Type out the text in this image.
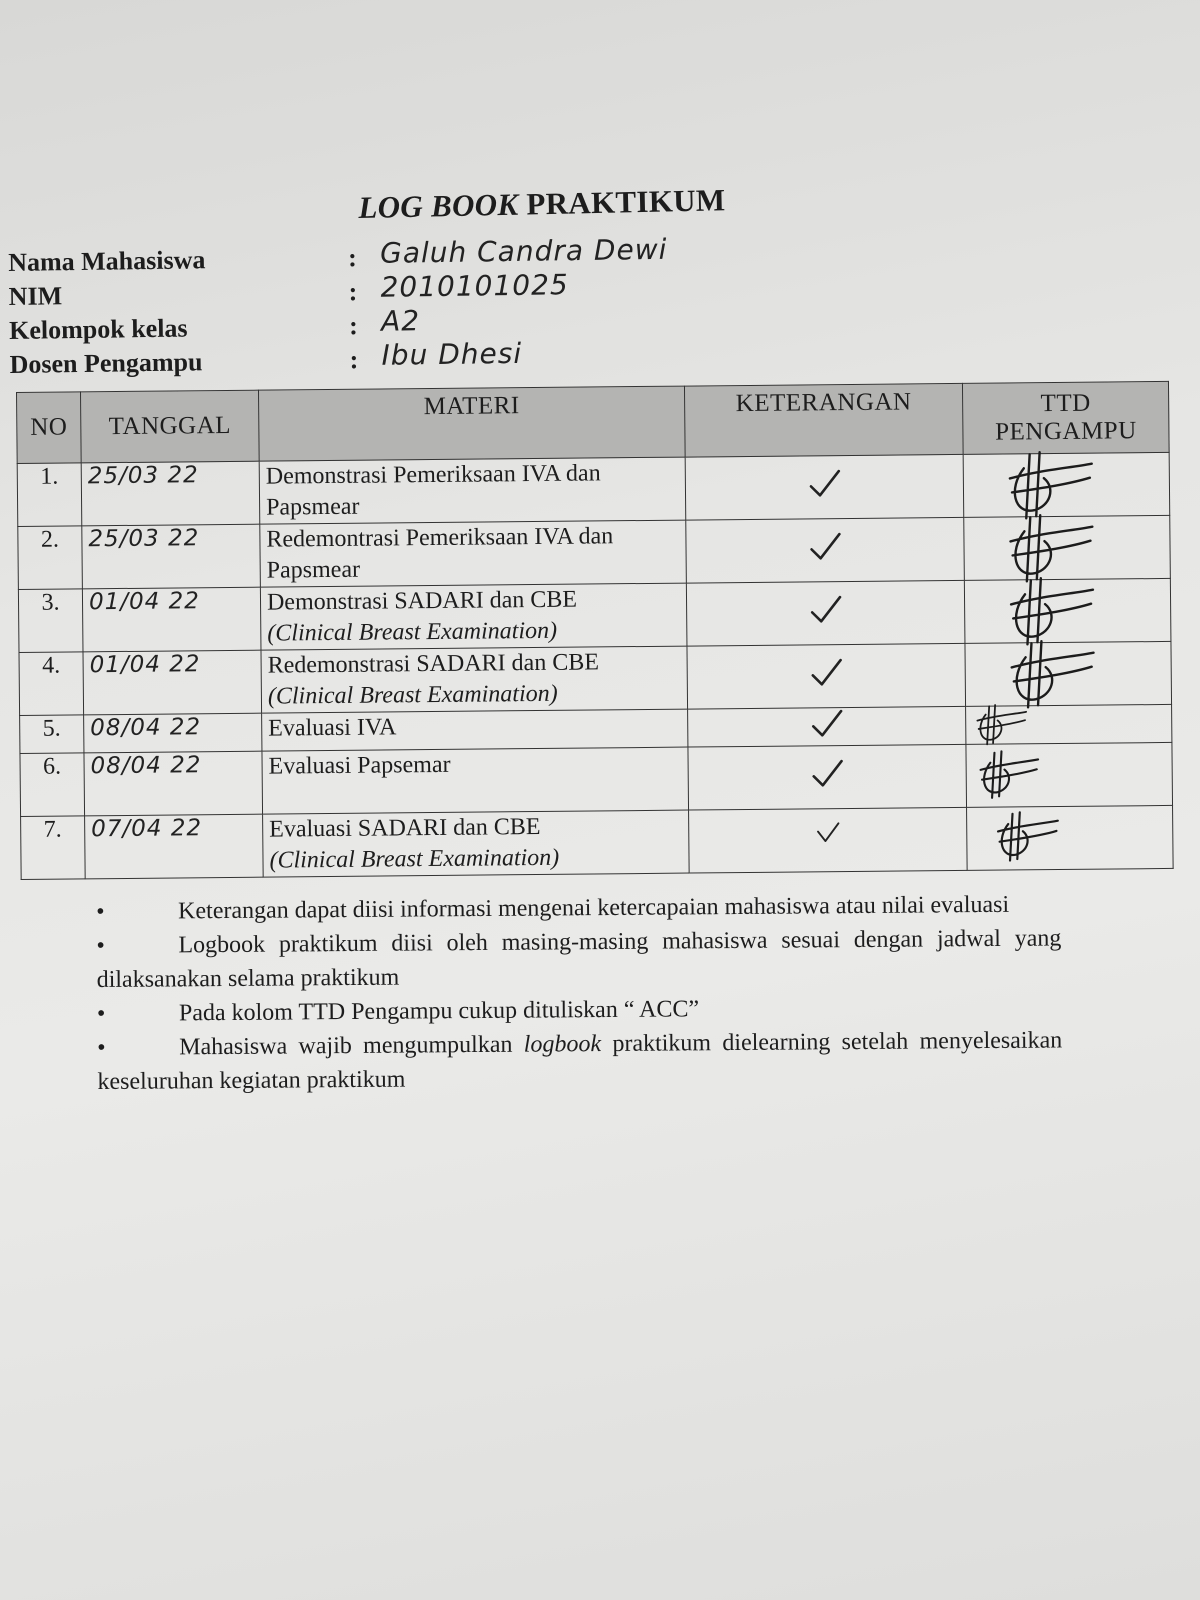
LOG BOOK PRAKTIKUM
Nama Mahasiswa	: Galuh Candra Dewi
NIM	: 2010101025
Kelompok kelas	: A2
Dosen Pengampu	: Ibu Dhesi
NO	TANGGAL	MATERI	KETERANGAN	TTD
PENGAMPU

1.	25/03 22	Demonstrasi Pemeriksaan IVA dan Papsmear

2.	25/03 22	Redemontrasi Pemeriksaan IVA dan Papsmear

3.	01/04 22	Demonstrasi SADARI dan CBE
(Clinical Breast Examination)

4.	01/04 22	Redemonstrasi SADARI dan CBE
(Clinical Breast Examination)

5.	08/04 22	Evaluasi IVA

6.	08/04 22	Evaluasi Papsemar

7.	07/04 22	Evaluasi SADARI dan CBE
(Clinical Breast Examination)

•	Keterangan dapat diisi informasi mengenai ketercapaian mahasiswa atau nilai evaluasi
•	Logbook praktikum diisi oleh masing-masing mahasiswa sesuai dengan jadwal yang dilaksanakan selama praktikum
•	Pada kolom TTD Pengampu cukup dituliskan “ ACC”
•	Mahasiswa wajib mengumpulkan logbook praktikum dielearning setelah menyelesaikan keseluruhan kegiatan praktikum
